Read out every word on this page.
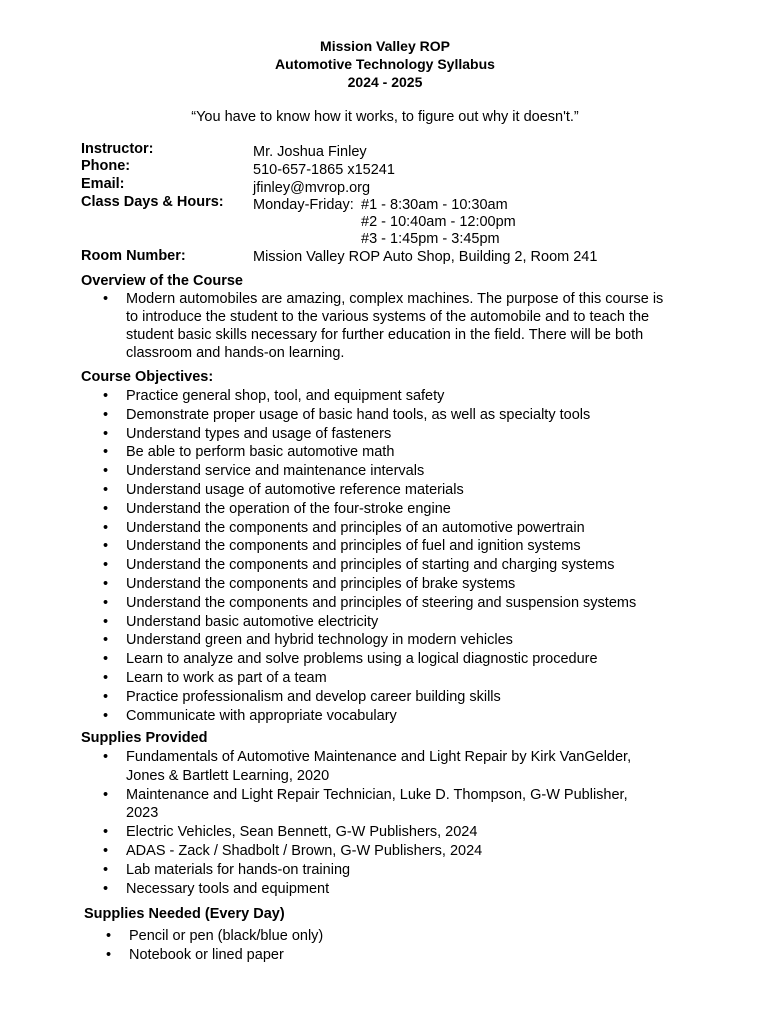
Mission Valley ROP
Automotive Technology Syllabus
2024 - 2025
“You have to know how it works, to figure out why it doesn't.”
Instructor:	Mr. Joshua Finley
Phone:	510-657-1865 x15241
Email:	jfinley@mvrop.org
Class Days & Hours: Monday-Friday: #1 - 8:30am - 10:30am
#2 - 10:40am - 12:00pm
#3 - 1:45pm - 3:45pm
Room Number:	Mission Valley ROP Auto Shop, Building 2, Room 241
Overview of the Course
• Modern automobiles are amazing, complex machines. The purpose of this course is
to introduce the student to the various systems of the automobile and to teach the
student basic skills necessary for further education in the field. There will be both
classroom and hands-on learning.
Course Objectives:
• Practice general shop, tool, and equipment safety
• Demonstrate proper usage of basic hand tools, as well as specialty tools
• Understand types and usage of fasteners
• Be able to perform basic automotive math
• Understand service and maintenance intervals
• Understand usage of automotive reference materials
• Understand the operation of the four-stroke engine
• Understand the components and principles of an automotive powertrain
• Understand the components and principles of fuel and ignition systems
• Understand the components and principles of starting and charging systems
• Understand the components and principles of brake systems
• Understand the components and principles of steering and suspension systems
• Understand basic automotive electricity
• Understand green and hybrid technology in modern vehicles
• Learn to analyze and solve problems using a logical diagnostic procedure
• Learn to work as part of a team
• Practice professionalism and develop career building skills
• Communicate with appropriate vocabulary
Supplies Provided
• Fundamentals of Automotive Maintenance and Light Repair by Kirk VanGelder,
Jones & Bartlett Learning, 2020
• Maintenance and Light Repair Technician, Luke D. Thompson, G-W Publisher,
2023
• Electric Vehicles, Sean Bennett, G-W Publishers, 2024
• ADAS - Zack / Shadbolt / Brown, G-W Publishers, 2024
• Lab materials for hands-on training
• Necessary tools and equipment
Supplies Needed (Every Day)
• Pencil or pen (black/blue only)
• Notebook or lined paper
